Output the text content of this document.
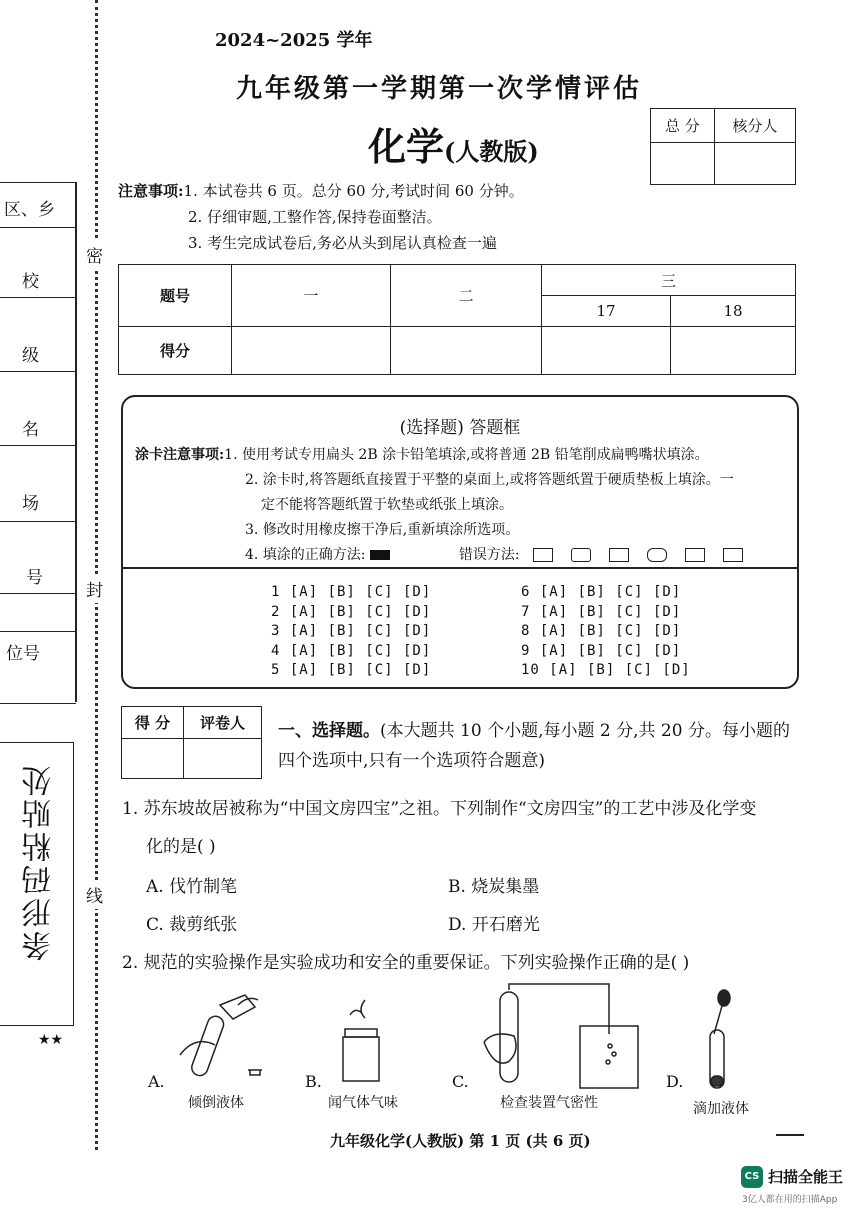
2024~2025 学年
九年级第一学期第一次学情评估
化学(人教版)
总 分	核分人

注意事项:1. 本试卷共 6 页。总分 60 分,考试时间 60 分钟。
2. 仔细审题,工整作答,保持卷面整洁。
3. 考生完成试卷后,务必从头到尾认真检查一遍
题号	一	二	三	
			17	18
得分				
区、乡
校
级
名
场
号
位号
条形码粘贴处
★★
密
封
线
(选择题) 答题框
涂卡注意事项:1. 使用考试专用扁头 2B 涂卡铅笔填涂,或将普通 2B 铅笔削成扁鸭嘴状填涂。
2. 涂卡时,将答题纸直接置于平整的桌面上,或将答题纸置于硬质垫板上填涂。一
定不能将答题纸置于软垫或纸张上填涂。
3. 修改时用橡皮擦干净后,重新填涂所选项。
4. 填涂的正确方法:	错误方法:
1 [A] [B] [C] [D]
2 [A] [B] [C] [D]
3 [A] [B] [C] [D]
4 [A] [B] [C] [D]
5 [A] [B] [C] [D]
6 [A] [B] [C] [D]
7 [A] [B] [C] [D]
8 [A] [B] [C] [D]
9 [A] [B] [C] [D]
10 [A] [B] [C] [D]
得 分	评卷人
	一、选择题。(本大题共 10 个小题,每小题 2 分,共 20 分。每小题的
四个选项中,只有一个选项符合题意)
1. 苏东坡故居被称为“中国文房四宝”之祖。下列制作“文房四宝”的工艺中涉及化学变
化的是( )
A. 伐竹制笔	B. 烧炭集墨
C. 裁剪纸张	D. 开石磨光
2. 规范的实验操作是实验成功和安全的重要保证。下列实验操作正确的是( )
A.
倾倒液体
B.
闻气体气味
C.
检查装置气密性
D.
滴加液体
九年级化学(人教版) 第 1 页 (共 6 页)
CS 扫描全能王
3亿人都在用的扫描App
